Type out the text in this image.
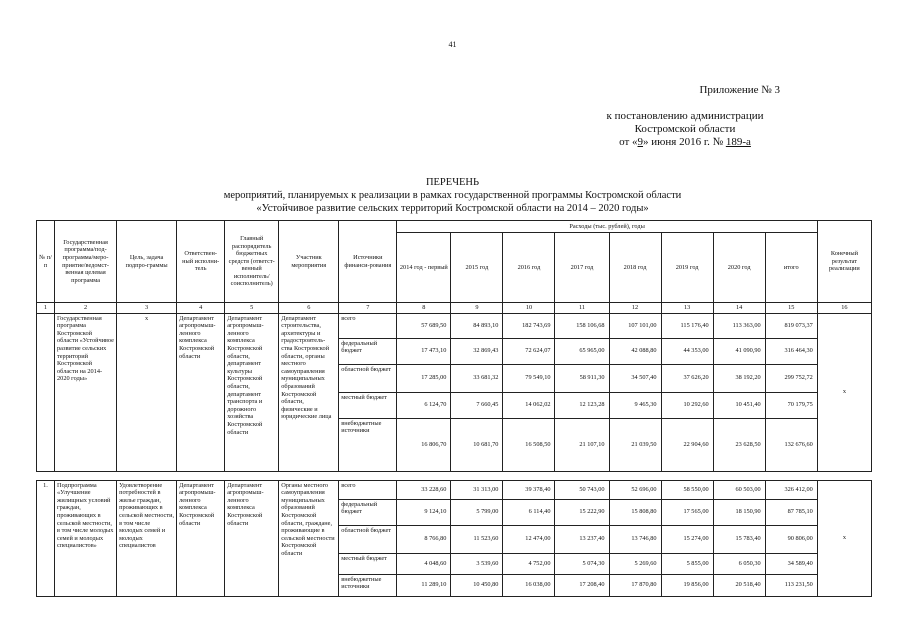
41
Приложение № 3
к постановлению администрации
Костромской области
от «9» июня 2016 г. № 189-а
ПЕРЕЧЕНЬ
мероприятий, планируемых к реализации в рамках государственной программы Костромской области
«Устойчивое развитие сельских территорий Костромской области на 2014 – 2020 годы»
№ п/п	Государственная программа/под-программа/меро-приятие/ведомст-венная целевая программа	Цель, задача подпро-граммы	Ответствен-ный исполни-тель	Главный распорядитель бюджетных средств (ответст-венный исполнитель/ соисполнитель)	Участник мероприятия	Источники финанси-рования	Расходы (тыс. рублей), годы								Конечный результат реализации
							2014 год - первый	2015 год	2016 год	2017 год	2018 год	2019 год	2020 год	итого	
1	2	3	4	5	6	7	8	9	10	11	12	13	14	15	16
	Государственная программа Костромской области «Устойчивое развитие сельских территорий Костромской области на 2014-2020 годы»	х	Департамент агропромыш-ленного комплекса Костромской области	Департамент агропромыш-ленного комплекса Костромской области, департамент культуры Костромской области, департамент транспорта и дорожного хозяйства Костромской области	Департамент строительства, архитектуры и градостроитель-ства Костромской области, органы местного самоуправления муниципальных образований Костромской области, физические и юридические лица	всего	57 689,50	84 893,10	182 743,69	158 106,68	107 101,00	115 176,40	113 363,00	819 073,37	х
						федеральный бюджет	17 473,10	32 869,43	72 624,07	65 965,00	42 088,80	44 353,00	41 090,90	316 464,30	
						областной бюджет	17 285,00	33 681,32	79 549,10	58 911,30	34 507,40	37 626,20	38 192,20	299 752,72	
						местный бюджет	6 124,70	7 660,45	14 062,02	12 123,28	9 465,30	10 292,60	10 451,40	70 179,75	
						внебюджетные источники	16 806,70	10 681,70	16 508,50	21 107,10	21 039,50	22 904,60	23 628,50	132 676,60	

1.	Подпрограмма «Улучшение жилищных условий граждан, проживающих в сельской местности, в том числе молодых семей и молодых специалистов»	Удовлетворение потребностей в жилье граждан, проживающих в сельской местности, в том числе молодых семей и молодых специалистов	Департамент агропромыш-ленного комплекса Костромской области	Департамент агропромыш-ленного комплекса Костромской области	Органы местного самоуправления муниципальных образований Костромской области, граждане, проживающие в сельской местности Костромской области	всего	33 228,60	31 313,00	39 378,40	50 743,00	52 696,00	58 550,00	60 503,00	326 412,00	х
						федеральный бюджет	9 124,10	5 799,00	6 114,40	15 222,90	15 808,80	17 565,00	18 150,90	87 785,10	
						областной бюджет	8 766,80	11 523,60	12 474,00	13 237,40	13 746,80	15 274,00	15 783,40	90 806,00	
						местный бюджет	4 048,60	3 539,60	4 752,00	5 074,30	5 269,60	5 855,00	6 050,30	34 589,40	
						внебюджетные источники	11 289,10	10 450,80	16 038,00	17 208,40	17 870,80	19 856,00	20 518,40	113 231,50	
